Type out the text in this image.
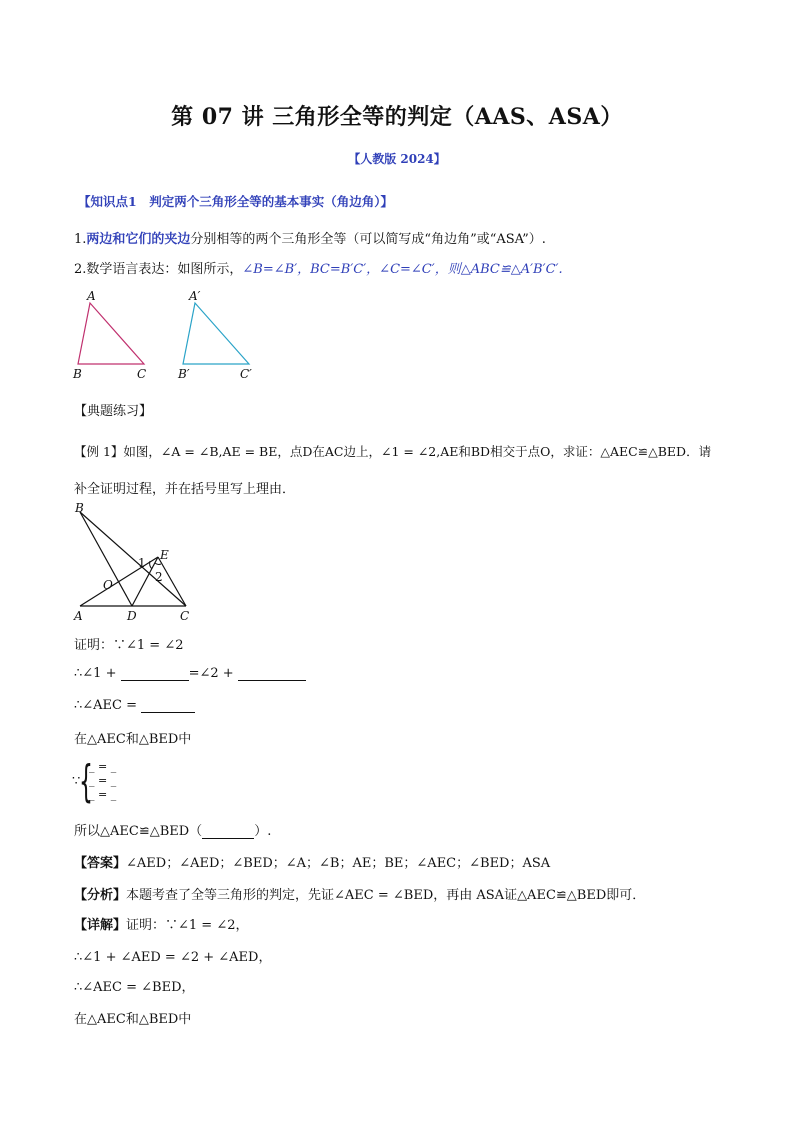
第 07 讲 三角形全等的判定（AAS、ASA）
【人教版 2024】
【知识点1　判定两个三角形全等的基本事实（角边角）】
1.两边和它们的夹边分别相等的两个三角形全等（可以简写成“角边角”或“ASA”）.
2.数学语言表达：如图所示，∠B=∠B′，BC=B′C′，∠C=∠C′，则△ABC≌△A′B′C′.
A
B	C
A′
B′	C′
【典题练习】
【例 1】如图，∠A = ∠B,AE = BE，点D在AC边上，∠1 = ∠2,AE和BD相交于点O，求证：△AEC≌△BED．请
补全证明过程，并在括号里写上理由．
B
E
1
2
O
A	D	C
证明：∵∠1 = ∠2
∴∠1 +	=∠2 +
∴∠AEC =
在△AEC和△BED中
∵
{
_ = _
_ = _
_ = _
所以△AEC≌△BED（	）.
【答案】∠AED；∠AED；∠BED；∠A；∠B；AE；BE；∠AEC；∠BED；ASA
【分析】本题考查了全等三角形的判定，先证∠AEC = ∠BED，再由 ASA证△AEC≌△BED即可．
【详解】证明：∵∠1 = ∠2，
∴∠1 + ∠AED = ∠2 + ∠AED，
∴∠AEC = ∠BED，
在△AEC和△BED中
